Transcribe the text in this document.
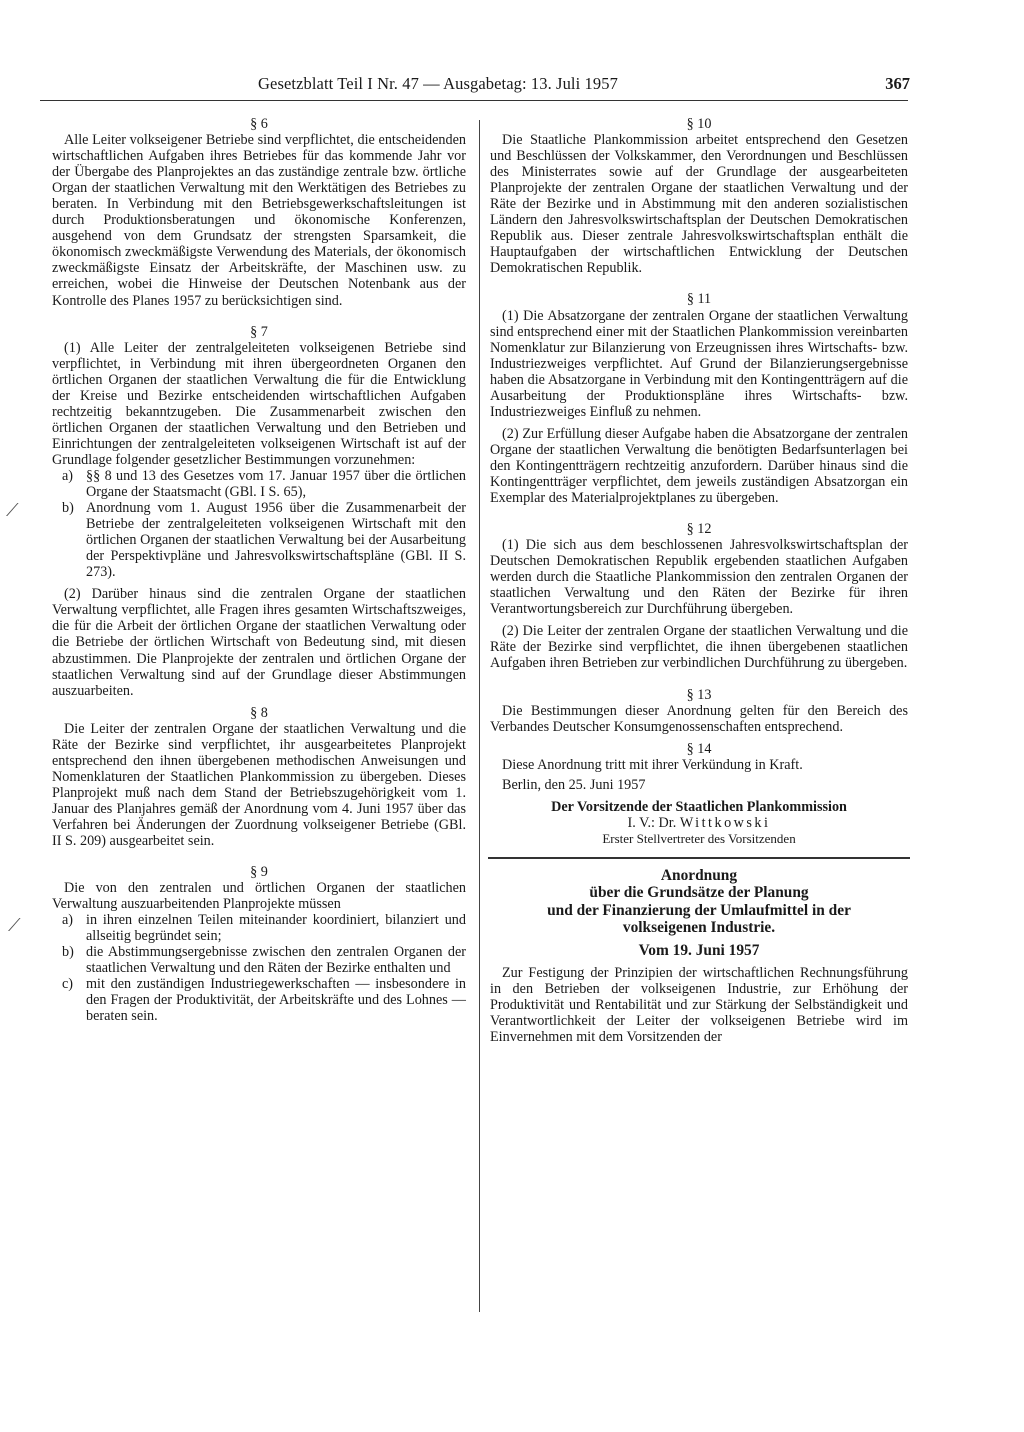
Gesetzblatt Teil I Nr. 47 — Ausgabetag: 13. Juli 1957	367
⟋
⟋

§ 6

Alle Leiter volkseigener Betriebe sind verpflichtet, die entscheidenden wirtschaftlichen Aufgaben ihres Betriebes für das kommende Jahr vor der Übergabe des Planprojektes an das zuständige zentrale bzw. örtliche Organ der staatlichen Verwaltung mit den Werktätigen des Betriebes zu beraten. In Verbindung mit den Betriebsgewerkschaftsleitungen ist durch Produktionsberatungen und ökonomische Konferenzen, ausgehend von dem Grundsatz der strengsten Sparsamkeit, die ökonomisch zweckmäßigste Verwendung des Materials, der ökonomisch zweckmäßigste Einsatz der Arbeitskräfte, der Maschinen usw. zu erreichen, wobei die Hinweise der Deutschen Notenbank aus der Kontrolle des Planes 1957 zu berücksichtigen sind.

§ 7

(1) Alle Leiter der zentralgeleiteten volkseigenen Betriebe sind verpflichtet, in Verbindung mit ihren übergeordneten Organen den örtlichen Organen der staatlichen Verwaltung die für die Entwicklung der Kreise und Bezirke entscheidenden wirtschaftlichen Aufgaben rechtzeitig bekanntzugeben. Die Zusammenarbeit zwischen den örtlichen Organen der staatlichen Verwaltung und den Betrieben und Einrichtungen der zentralgeleiteten volkseigenen Wirtschaft ist auf der Grundlage folgender gesetzlicher Bestimmungen vorzunehmen:

a) §§ 8 und 13 des Gesetzes vom 17. Januar 1957 über die örtlichen Organe der Staatsmacht (GBl. I S. 65),
b) Anordnung vom 1. August 1956 über die Zusammenarbeit der Betriebe der zentralgeleiteten volkseigenen Wirtschaft mit den örtlichen Organen der staatlichen Verwaltung bei der Ausarbeitung der Perspektivpläne und Jahresvolkswirtschaftspläne (GBl. II S. 273).

(2) Darüber hinaus sind die zentralen Organe der staatlichen Verwaltung verpflichtet, alle Fragen ihres gesamten Wirtschaftszweiges, die für die Arbeit der örtlichen Organe der staatlichen Verwaltung oder die Betriebe der örtlichen Wirtschaft von Bedeutung sind, mit diesen abzustimmen. Die Planprojekte der zentralen und örtlichen Organe der staatlichen Verwaltung sind auf der Grundlage dieser Abstimmungen auszuarbeiten.

§ 8

Die Leiter der zentralen Organe der staatlichen Verwaltung und die Räte der Bezirke sind verpflichtet, ihr ausgearbeitetes Planprojekt entsprechend den ihnen übergebenen methodischen Anweisungen und Nomenklaturen der Staatlichen Plankommission zu übergeben. Dieses Planprojekt muß nach dem Stand der Betriebszugehörigkeit vom 1. Januar des Planjahres gemäß der Anordnung vom 4. Juni 1957 über das Verfahren bei Änderungen der Zuordnung volkseigener Betriebe (GBl. II S. 209) ausgearbeitet sein.

§ 9

Die von den zentralen und örtlichen Organen der staatlichen Verwaltung auszuarbeitenden Planprojekte müssen

a) in ihren einzelnen Teilen miteinander koordiniert, bilanziert und allseitig begründet sein;
b) die Abstimmungsergebnisse zwischen den zentralen Organen der staatlichen Verwaltung und den Räten der Bezirke enthalten und
c) mit den zuständigen Industriegewerkschaften — insbesondere in den Fragen der Produktivität, der Arbeitskräfte und des Lohnes — beraten sein.

§ 10

Die Staatliche Plankommission arbeitet entsprechend den Gesetzen und Beschlüssen der Volkskammer, den Verordnungen und Beschlüssen des Ministerrates sowie auf der Grundlage der ausgearbeiteten Planprojekte der zentralen Organe der staatlichen Verwaltung und der Räte der Bezirke und in Abstimmung mit den anderen sozialistischen Ländern den Jahresvolkswirtschaftsplan der Deutschen Demokratischen Republik aus. Dieser zentrale Jahresvolkswirtschaftsplan enthält die Hauptaufgaben der wirtschaftlichen Entwicklung der Deutschen Demokratischen Republik.

§ 11

(1) Die Absatzorgane der zentralen Organe der staatlichen Verwaltung sind entsprechend einer mit der Staatlichen Plankommission vereinbarten Nomenklatur zur Bilanzierung von Erzeugnissen ihres Wirtschafts- bzw. Industriezweiges verpflichtet. Auf Grund der Bilanzierungsergebnisse haben die Absatzorgane in Verbindung mit den Kontingentträgern auf die Ausarbeitung der Produktionspläne ihres Wirtschafts- bzw. Industriezweiges Einfluß zu nehmen.

(2) Zur Erfüllung dieser Aufgabe haben die Absatzorgane der zentralen Organe der staatlichen Verwaltung die benötigten Bedarfsunterlagen bei den Kontingentträgern rechtzeitig anzufordern. Darüber hinaus sind die Kontingentträger verpflichtet, dem jeweils zuständigen Absatzorgan ein Exemplar des Materialprojektplanes zu übergeben.

§ 12

(1) Die sich aus dem beschlossenen Jahresvolkswirtschaftsplan der Deutschen Demokratischen Republik ergebenden staatlichen Aufgaben werden durch die Staatliche Plankommission den zentralen Organen der staatlichen Verwaltung und den Räten der Bezirke für ihren Verantwortungsbereich zur Durchführung übergeben.

(2) Die Leiter der zentralen Organe der staatlichen Verwaltung und die Räte der Bezirke sind verpflichtet, die ihnen übergebenen staatlichen Aufgaben ihren Betrieben zur verbindlichen Durchführung zu übergeben.

§ 13

Die Bestimmungen dieser Anordnung gelten für den Bereich des Verbandes Deutscher Konsumgenossenschaften entsprechend.

§ 14

Diese Anordnung tritt mit ihrer Verkündung in Kraft.

Berlin, den 25. Juni 1957

Der Vorsitzende der Staatlichen Plankommission
I. V.: Dr. Wittkowski
Erster Stellvertreter des Vorsitzenden
Anordnung
über die Grundsätze der Planung
und der Finanzierung der Umlaufmittel in der
volkseigenen Industrie.
Vom 19. Juni 1957

Zur Festigung der Prinzipien der wirtschaftlichen Rechnungsführung in den Betrieben der volkseigenen Industrie, zur Erhöhung der Produktivität und Rentabilität und zur Stärkung der Selbständigkeit und Verantwortlichkeit der Leiter der volkseigenen Betriebe wird im Einvernehmen mit dem Vorsitzenden der
